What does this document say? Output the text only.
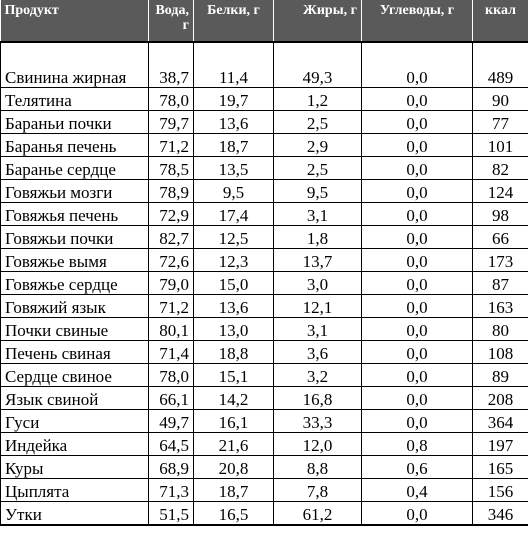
Продукт	Вода, г	Белки, г	Жиры, г	Углеводы, г	ккал
Свинина жирная	38,7	11,4	49,3	0,0	489
Телятина	78,0	19,7	1,2	0,0	90
Бараньи почки	79,7	13,6	2,5	0,0	77
Баранья печень	71,2	18,7	2,9	0,0	101
Баранье сердце	78,5	13,5	2,5	0,0	82
Говяжьи мозги	78,9	9,5	9,5	0,0	124
Говяжья печень	72,9	17,4	3,1	0,0	98
Говяжьи почки	82,7	12,5	1,8	0,0	66
Говяжье вымя	72,6	12,3	13,7	0,0	173
Говяжье сердце	79,0	15,0	3,0	0,0	87
Говяжий язык	71,2	13,6	12,1	0,0	163
Почки свиные	80,1	13,0	3,1	0,0	80
Печень свиная	71,4	18,8	3,6	0,0	108
Сердце свиное	78,0	15,1	3,2	0,0	89
Язык свиной	66,1	14,2	16,8	0,0	208
Гуси	49,7	16,1	33,3	0,0	364
Индейка	64,5	21,6	12,0	0,8	197
Куры	68,9	20,8	8,8	0,6	165
Цыплята	71,3	18,7	7,8	0,4	156
Утки	51,5	16,5	61,2	0,0	346
